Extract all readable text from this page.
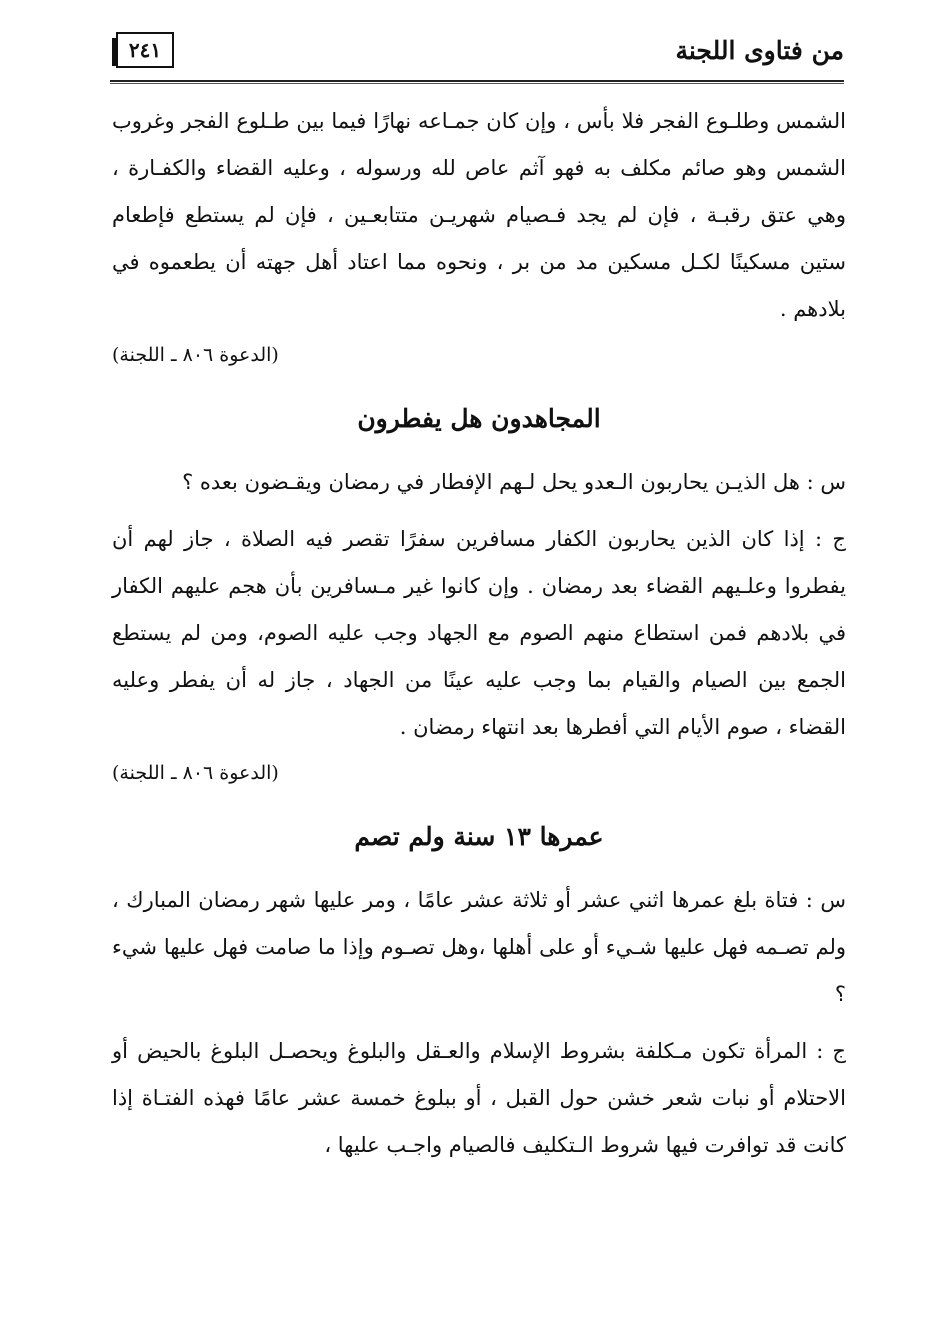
من فتاوى اللجنة
٢٤١

الشمس وطلـوع الفجر فلا بأس ، وإن كان جمـاعه نهارًا فيما بين طـلوع الفجر وغروب الشمس وهو صائم مكلف به فهو آثم عاص لله ورسوله ، وعليه القضاء والكفـارة ، وهي عتق رقبـة ، فإن لم يجد فـصيام شهريـن متتابعـين ، فإن لم يستطع فإطعام ستين مسكينًا لكـل مسكين مد من بر ، ونحوه مما اعتاد أهل جهته أن يطعموه في بلادهم .

(الدعوة ٨٠٦ ـ اللجنة)

المجاهدون هل يفطرون

س : هل الذيـن يحاربون الـعدو يحل لـهم الإفطار في رمضان ويقـضون بعده ؟

ج : إذا كان الذين يحاربون الكفار مسافرين سفرًا تقصر فيه الصلاة ، جاز لهم أن يفطروا وعلـيهم القضاء بعد رمضان . وإن كانوا غير مـسافرين بأن هجم عليهم الكفار في بلادهم فمن استطاع منهم الصوم مع الجهاد وجب عليه الصوم، ومن لم يستطع الجمع بين الصيام والقيام بما وجب عليه عينًا من الجهاد ، جاز له أن يفطر وعليه القضاء ، صوم الأيام التي أفطرها بعد انتهاء رمضان .

(الدعوة ٨٠٦ ـ اللجنة)

عمرها ١٣ سنة ولم تصم

س : فتاة بلغ عمرها اثني عشر أو ثلاثة عشر عامًا ، ومر عليها شهر رمضان المبارك ، ولم تصـمه فهل عليها شـيء أو على أهلها ،وهل تصـوم وإذا ما صامت فهل عليها شيء ؟

ج : المرأة تكون مـكلفة بشروط الإسلام والعـقل والبلوغ ويحصـل البلوغ بالحيض أو الاحتلام أو نبات شعر خشن حول القبل ، أو ببلوغ خمسة عشر عامًا فهذه الفتـاة إذا كانت قد توافرت فيها شروط الـتكليف فالصيام واجـب عليها ،
